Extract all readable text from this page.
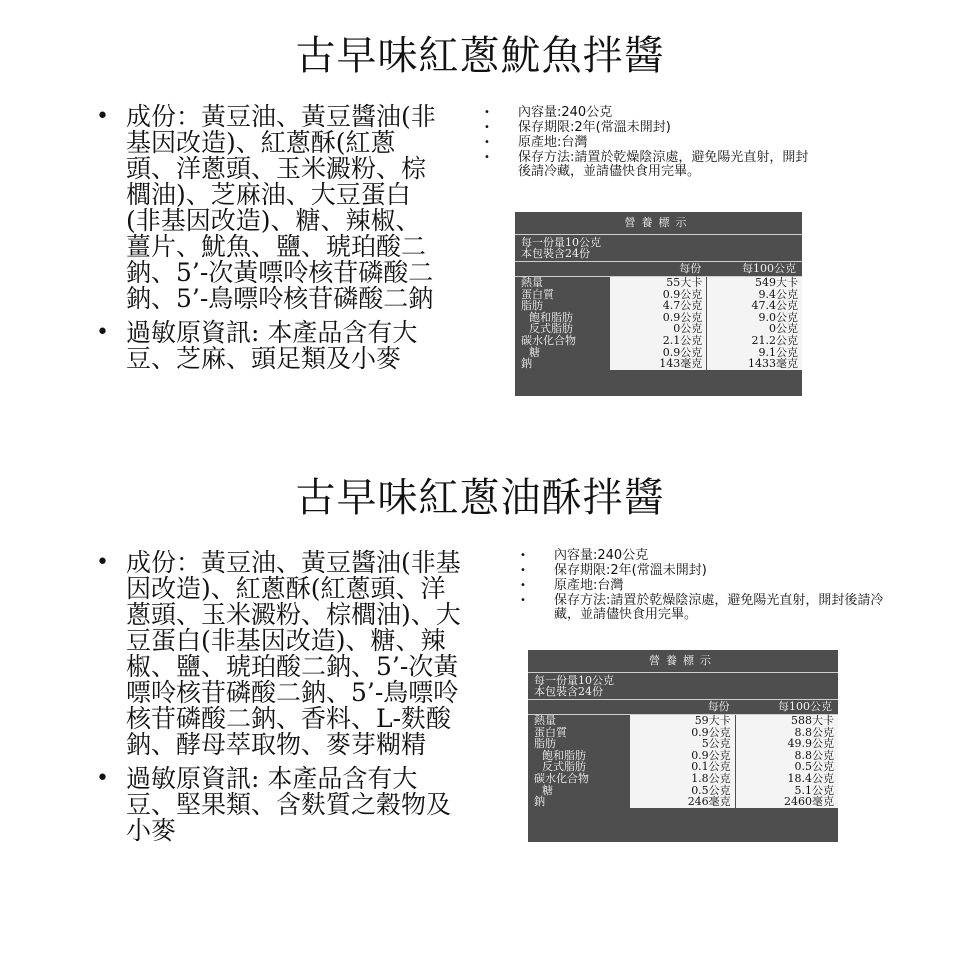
古早味紅蔥魷魚拌醬
• 成份：黃豆油、黃豆醬油(非基因改造)、紅蔥酥(紅蔥頭、洋蔥頭、玉米澱粉、棕櫚油)、芝麻油、大豆蛋白(非基因改造)、糖、辣椒、薑片、魷魚、鹽、琥珀酸二鈉、5’-次黃嘌呤核苷磷酸二鈉、5’-鳥嘌呤核苷磷酸二鈉
• 過敏原資訊: 本產品含有大豆、芝麻、頭足類及小麥
• 內容量:240公克
• 保存期限:2年(常溫未開封)
• 原產地:台灣
• 保存方法:請置於乾燥陰涼處，避免陽光直射，開封後請冷藏，並請儘快食用完畢。
營養標示
每一份量10公克
本包裝含24份
每份	每100公克
熱量
蛋白質
脂肪
飽和脂肪
反式脂肪
碳水化合物
糖
鈉
55大卡
0.9公克
4.7公克
0.9公克
0公克
2.1公克
0.9公克
143毫克
549大卡
9.4公克
47.4公克
9.0公克
0公克
21.2公克
9.1公克
1433毫克
古早味紅蔥油酥拌醬
• 成份：黃豆油、黃豆醬油(非基因改造)、紅蔥酥(紅蔥頭、洋蔥頭、玉米澱粉、棕櫚油)、大豆蛋白(非基因改造)、糖、辣椒、鹽、琥珀酸二鈉、5’-次黃嘌呤核苷磷酸二鈉、5’-鳥嘌呤核苷磷酸二鈉、香料、L-麩酸鈉、酵母萃取物、麥芽糊精
• 過敏原資訊: 本產品含有大豆、堅果類、含麩質之穀物及小麥
• 內容量:240公克
• 保存期限:2年(常溫未開封)
• 原產地:台灣
• 保存方法:請置於乾燥陰涼處，避免陽光直射，開封後請冷藏，並請儘快食用完畢。
營養標示
每一份量10公克
本包裝含24份
每份	每100公克
熱量
蛋白質
脂肪
飽和脂肪
反式脂肪
碳水化合物
糖
鈉
59大卡
0.9公克
5公克
0.9公克
0.1公克
1.8公克
0.5公克
246毫克
588大卡
8.8公克
49.9公克
8.8公克
0.5公克
18.4公克
5.1公克
2460毫克
